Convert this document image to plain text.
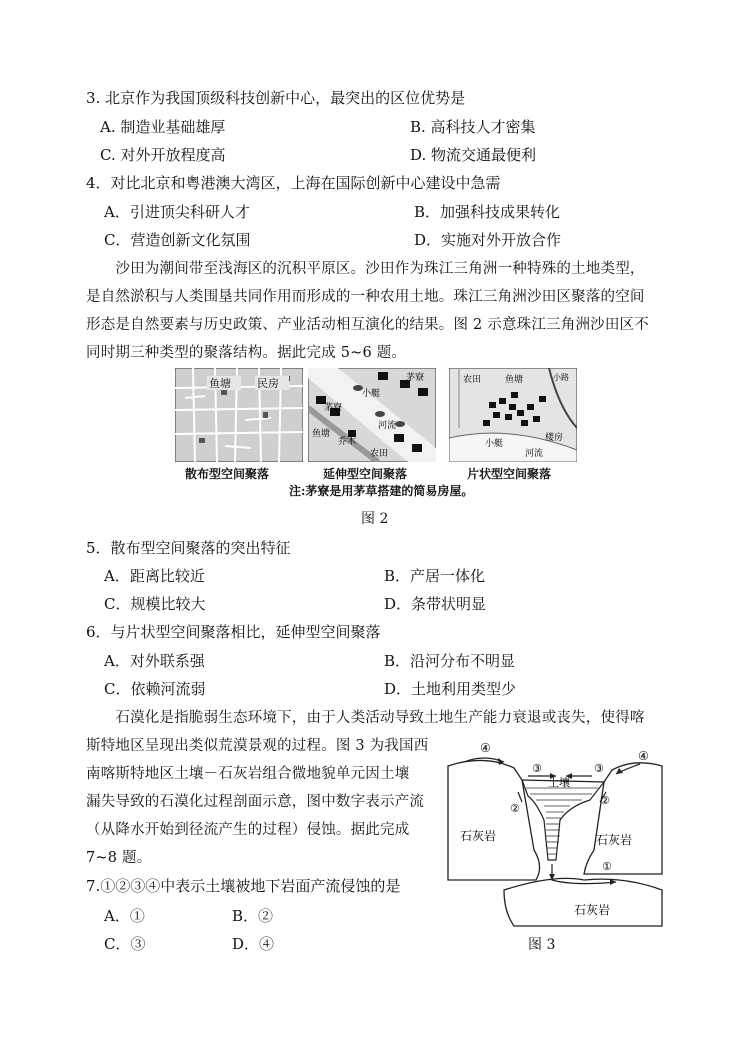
3. 北京作为我国顶级科技创新中心，最突出的区位优势是
A. 制造业基础雄厚	B. 高科技人才密集
C. 对外开放程度高	D. 物流交通最便利
4．对比北京和粤港澳大湾区，上海在国际创新中心建设中急需
A．引进顶尖科研人才	B．加强科技成果转化
C．营造创新文化氛围	D．实施对外开放合作
　　沙田为潮间带至浅海区的沉积平原区。沙田作为珠江三角洲一种特殊的土地类型，
是自然淤积与人类围垦共同作用而形成的一种农用土地。珠江三角洲沙田区聚落的空间
形态是自然要素与历史政策、产业活动相互演化的结果。图 2 示意珠江三角洲沙田区不
同时期三种类型的聚落结构。据此完成 5~6 题。
鱼塘 民房	茅寮
小艇
茅寮
河流
鱼塘
乔木
农田
农田	鱼塘	小路
楼房
小艇
河流
散布型空间聚落	延伸型空间聚落	片状型空间聚落
注:茅寮是用茅草搭建的简易房屋。
图 2
5．散布型空间聚落的突出特征
A．距离比较近	B．产居一体化
C．规模比较大	D．条带状明显
6．与片状型空间聚落相比，延伸型空间聚落
A．对外联系强	B．沿河分布不明显
C．依赖河流弱	D．土地利用类型少
　　石漠化是指脆弱生态环境下，由于人类活动导致土地生产能力衰退或丧失，使得喀
斯特地区呈现出类似荒漠景观的过程。图 3 为我国西
南喀斯特地区土壤－石灰岩组合微地貌单元因土壤
漏失导致的石漠化过程剖面示意，图中数字表示产流
（从降水开始到径流产生的过程）侵蚀。据此完成
7~8 题。
7.①②③④中表示土壤被地下岩面产流侵蚀的是
A．①	B．②
C．③	D．④
④
④
③	③
土壤
②
②
石灰岩	石灰岩
①
石灰岩
图 3
